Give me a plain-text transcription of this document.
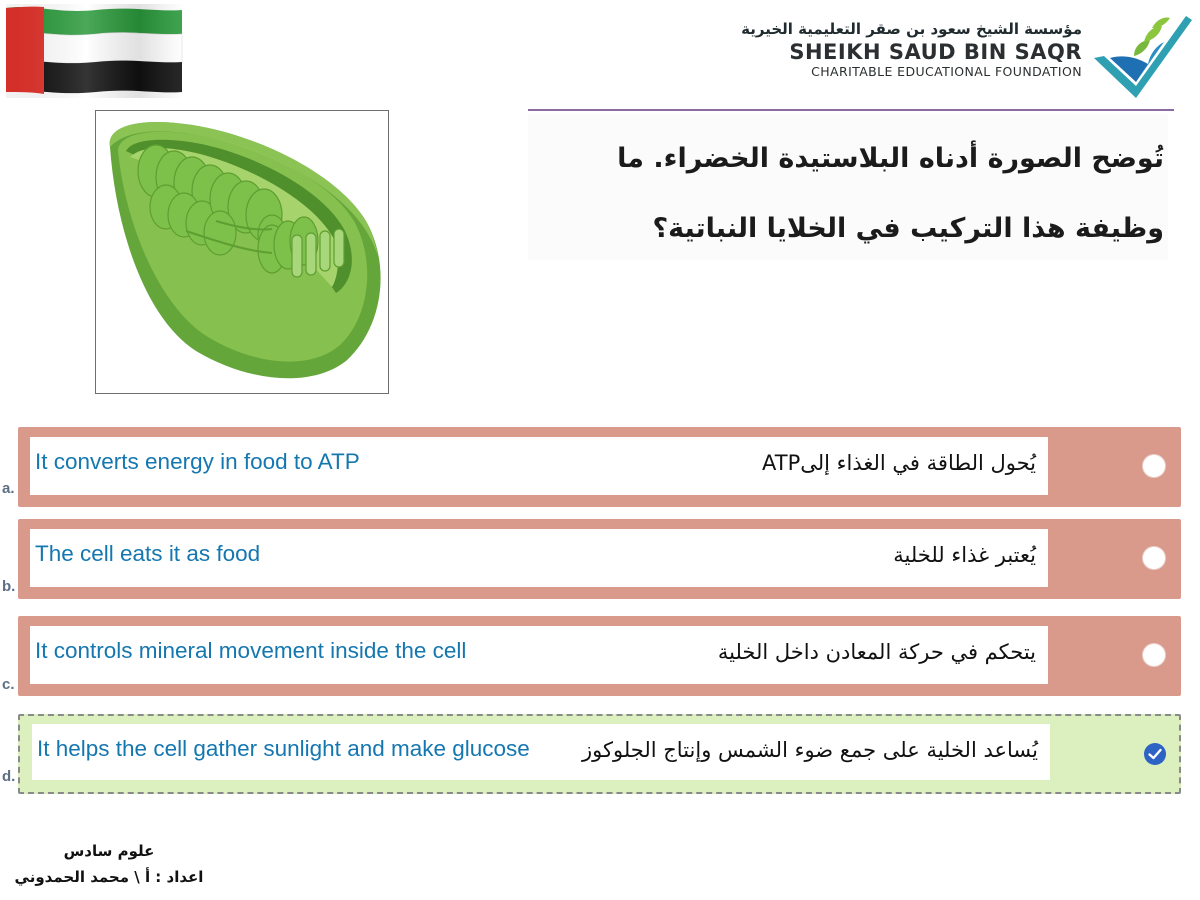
مؤسسة الشيخ سعود بن صقر التعليمية الخيرية
SHEIKH SAUD BIN SAQR
CHARITABLE EDUCATIONAL FOUNDATION
تُوضح الصورة أدناه البلاستيدة الخضراء. ما وظيفة هذا التركيب في الخلايا النباتية؟
It converts energy in food to ATP	يُحول الطاقة في الغذاء إلىATP
a.
The cell eats it as food	يُعتبر غذاء للخلية
b.
It controls mineral movement inside the cell	يتحكم في حركة المعادن داخل الخلية
c.
It helps the cell gather sunlight and make glucose يُساعد الخلية على جمع ضوء الشمس وإنتاج الجلوكوز
d.
علوم سادس
اعداد : أ \ محمد الحمدوني
